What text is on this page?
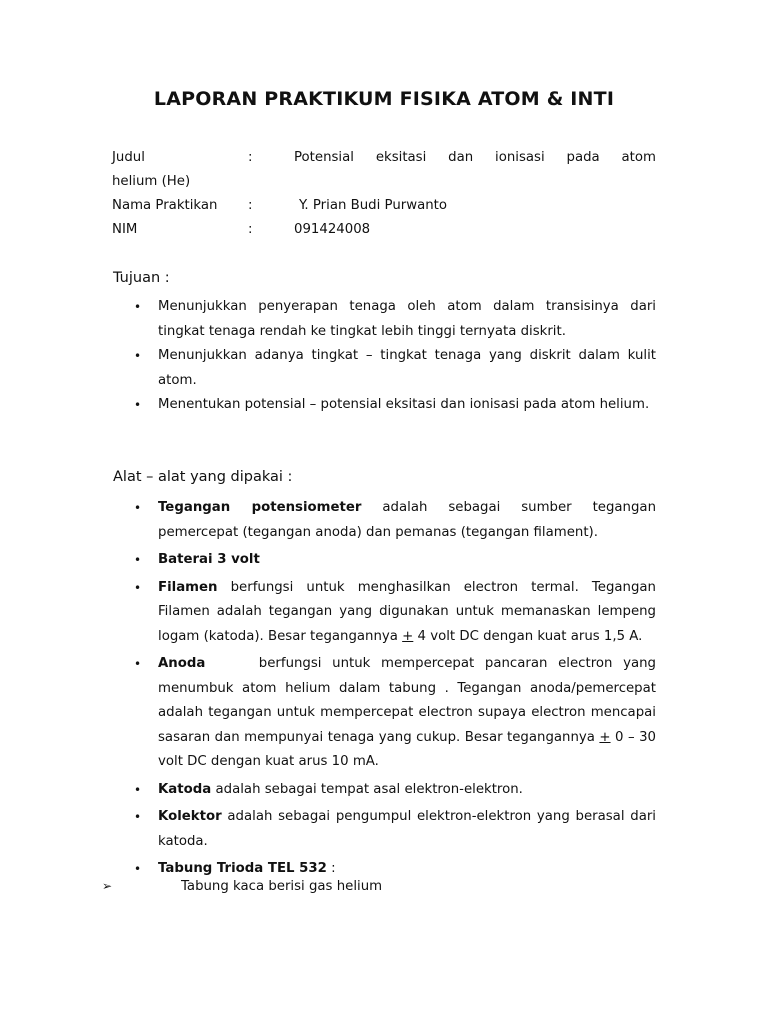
LAPORAN PRAKTIKUM FISIKA ATOM & INTI
Judul	:	Potensial eksitasi dan ionisasi pada atom
helium (He)
Nama Praktikan :	Y. Prian Budi Purwanto
NIM	:	091424008
Tujuan :
• Menunjukkan penyerapan tenaga oleh atom dalam transisinya dari tingkat tenaga rendah ke tingkat lebih tinggi ternyata diskrit.
• Menunjukkan adanya tingkat – tingkat tenaga yang diskrit dalam kulit atom.
• Menentukan potensial – potensial eksitasi dan ionisasi pada atom helium.
Alat – alat yang dipakai :
• Tegangan potensiometer adalah sebagai sumber tegangan pemercepat (tegangan anoda) dan pemanas (tegangan filament).
• Baterai 3 volt
• Filamen berfungsi untuk menghasilkan electron termal. Tegangan Filamen adalah tegangan yang digunakan untuk memanaskan lempeng logam (katoda). Besar tegangannya + 4 volt DC dengan kuat arus 1,5 A.
• Anoda     berfungsi untuk mempercepat pancaran electron yang menumbuk atom helium dalam tabung . Tegangan anoda/pemercepat adalah tegangan untuk mempercepat electron supaya electron mencapai sasaran dan mempunyai tenaga yang cukup. Besar tegangannya + 0 – 30 volt DC dengan kuat arus 10 mA.
• Katoda adalah sebagai tempat asal elektron-elektron.
• Kolektor adalah sebagai pengumpul elektron-elektron yang berasal dari katoda.
• Tabung Trioda TEL 532 :
➢	Tabung kaca berisi gas helium
